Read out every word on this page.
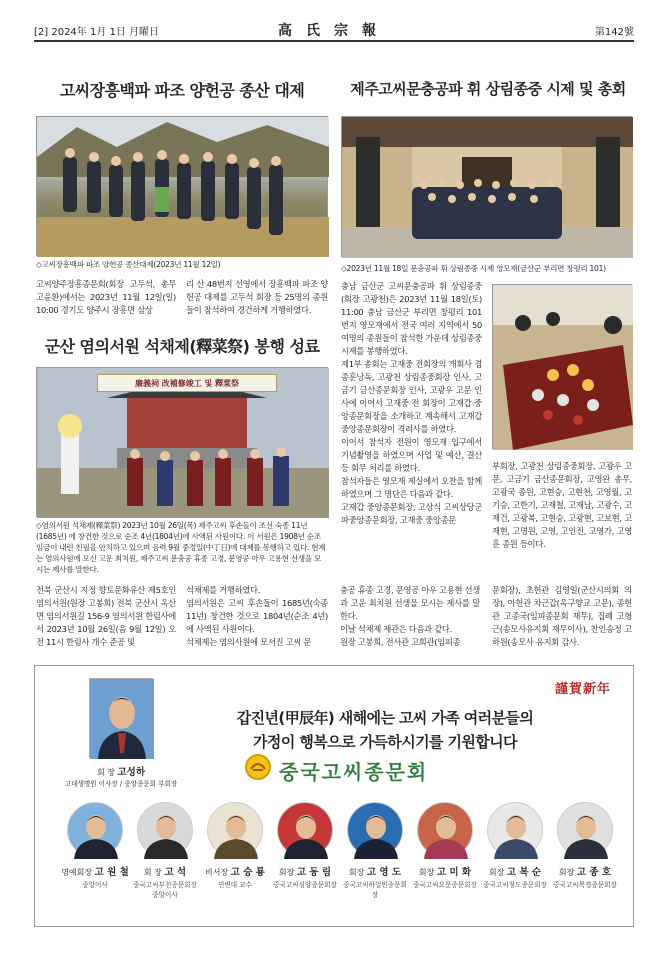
[2] 2024年 1月 1日 月曜日	高氏宗報	第142號
고씨장흥백파 파조 양헌공 종산 대제
◇고씨장흥백파 파조 양헌공 종산대제(2023년 11월 12일)
고씨양주장흥종문회(회장 고두석, 총무 고윤환)에서는 2023년 11월 12일(일) 10:00 경기도 양주시 장흥면 삼상
리 산 48번지 선영에서 장흥백파 파조 양헌공 대제를 고두석 회장 등 25명의 종원들이 참석하여 경건하게 거행하였다.
군산 염의서원 석채제(釋菜祭) 봉행 성료
廉義祠 改補修竣工 및 釋菜祭
◇염의서원 석채제(釋菜祭) 2023년 10월 26일(목) 제주고씨 후손들이 조선 숙종 11년(1685년) 에 창건한 것으로 순조 4년(1804년)에 사액된 사원이다. 이 서원은 1908년 순조 임금이 내린 친필을 안치하고 있으며 음력 9월 중정일(中丁日)에 대제를 봉행하고 있다. 현재는 염의사원에 모신 고운 최치원, 제주고씨 문충공 휴종 고경, 문영공 아우 고용현 선생을 모시는 제사를 말한다.
전북 군산시 지정 향토문화유산 제5호인 염의서원(원장 고봉희) 전북 군산시 옥산면 염의서원길 156-9 염의서원 한림사에서 2023년 10월 26일(음 9월 12일) 오전 11시 한림사 개수 준공 및
석채제를 거행하였다.
염의서원은 고씨 후손들이 1685년(숙종 11년) 창건한 것으로 1804년(순조 4년)에 사액된 사원이다.
석채제는 염의사원에 모셔진 고씨 문
충공 휴종 고경, 문영공 아우 고용현 선생과 고운 최치원 선생을 모시는 제사를 말한다.
이날 석채제 제관은 다음과 같다.
원장 고봉희, 전사관 고희관(임피종
문회장), 초헌관 김영일(군산시의회 의장), 아헌관 차근갑(옥구향교 고문), 종헌관 고종국(임피종문회 재무), 집례 고형근(송모사유지회 재무이사), 찬인송정 고하원(송모사 유지회 감사.
제주고씨문충공파 휘 상림종중 시제 및 총회
◇2023년 11월 18일 문충공파 휘 상림종중 시제 영모재(금산군 부리면 창평리 101)
충남 금산군 고씨문충공파 휘 상림종중(회장 고광천)은 2023년 11월 18일(토) 11:00 충남 금산군 부리면 창평리 101번지 영모재에서 전국 여러 지역에서 50여명의 종원들이 참석한 가운데 상림종중 시제를 봉행하였다.
제1부 총회는 고재중 전회장의 개회사 겸 종훈낭독, 고광천 상림종중회장 인사, 고금기 금산종문회장 인사, 고광우 고문 인사에 이어서 고재중 전 회장이 고재갑 중앙종문회장을 소개하고 계속해서 고재갑 중앙종문회장이 격려사를 하였다.
이어서 참석자 전원이 영모재 입구에서 기념촬영을 하였으며 사업 및 예산, 결산 등 회무 처리를 하였다.
참석자들은 영모재 제실에서 오찬을 함께 하였으며 그 명단은 다음과 같다.
고재갑 중앙종문회장, 고상식 고씨상당군파중앙종문회장, 고재중 중앙종문
부회장, 고광천 상림종중회장, 고광우 고문, 고금기 금산종문회장, 고영완 총무, 고광국 종원, 고현승, 고현천, 고영월, 고기승, 고한기, 고재철, 고재남, 고광수, 고재건, 고광복, 고현승, 고광현, 고보현, 고재현, 고명원, 고영, 고인진, 고영가, 고영훈 종원 등이다.
회 장 고성하
고대생명원 이사장 / 중앙종문회 부회장
갑진년(甲辰年) 새해에는 고씨 가족 여러분들의
가정이 행복으로 가득하시기를 기원합니다
謹賀新年
중국고씨종문회
명예회장 고 원 철
중앙이사
회 장 고 석
중국고씨부천종문회장
중앙이사
비서장 고 승 룡
연변대 교수
회장 고 동 림
중국고씨심양종문회장
회장 고 영 도
중국고씨하얼빈종문회장
회장 고 미 화
중국고씨요문종문회장
회장 고 복 순
중국고씨청도종문회장
회장 고 종 호
중국고씨복경종문회장
